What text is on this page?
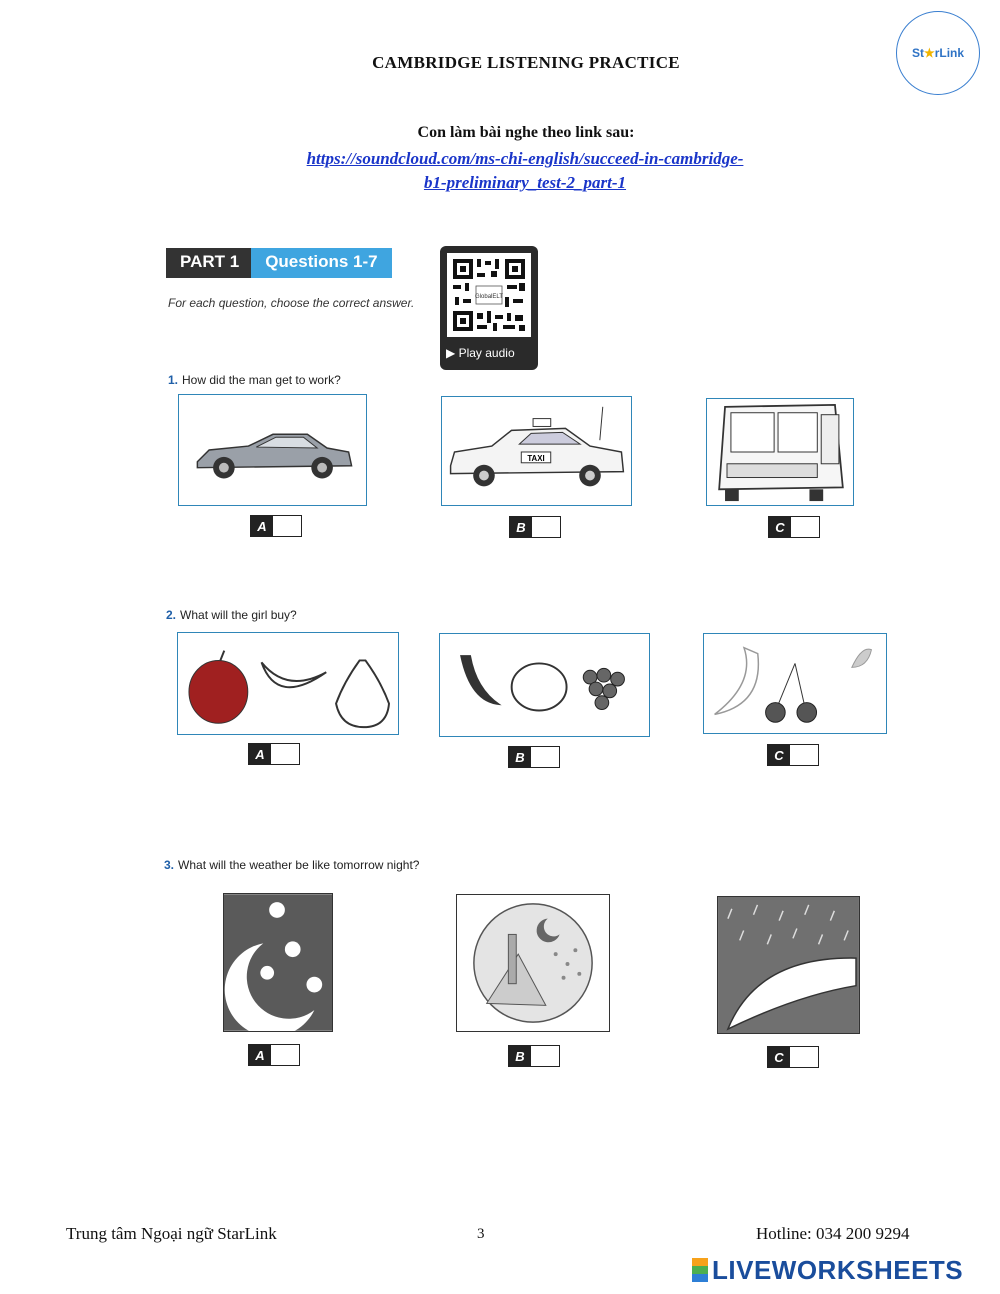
CAMBRIDGE LISTENING PRACTICE	St ★ rLink
Con làm bài nghe theo link sau:
https://soundcloud.com/ms-chi-english/succeed-in-cambridge-
b1-preliminary_test-2_part-1
PART 1	Questions 1-7
For each question, choose the correct answer.	GlobalELT
▶ Play audio
1. How did the man get to work?
TAXI
A	B	C
2. What will the girl buy?
A	B	C
3. What will the weather be like tomorrow night?
A	B	C
Trung tâm Ngoại ngữ StarLink	3	Hotline: 034 200 9294
LIVEWORKSHEETS
